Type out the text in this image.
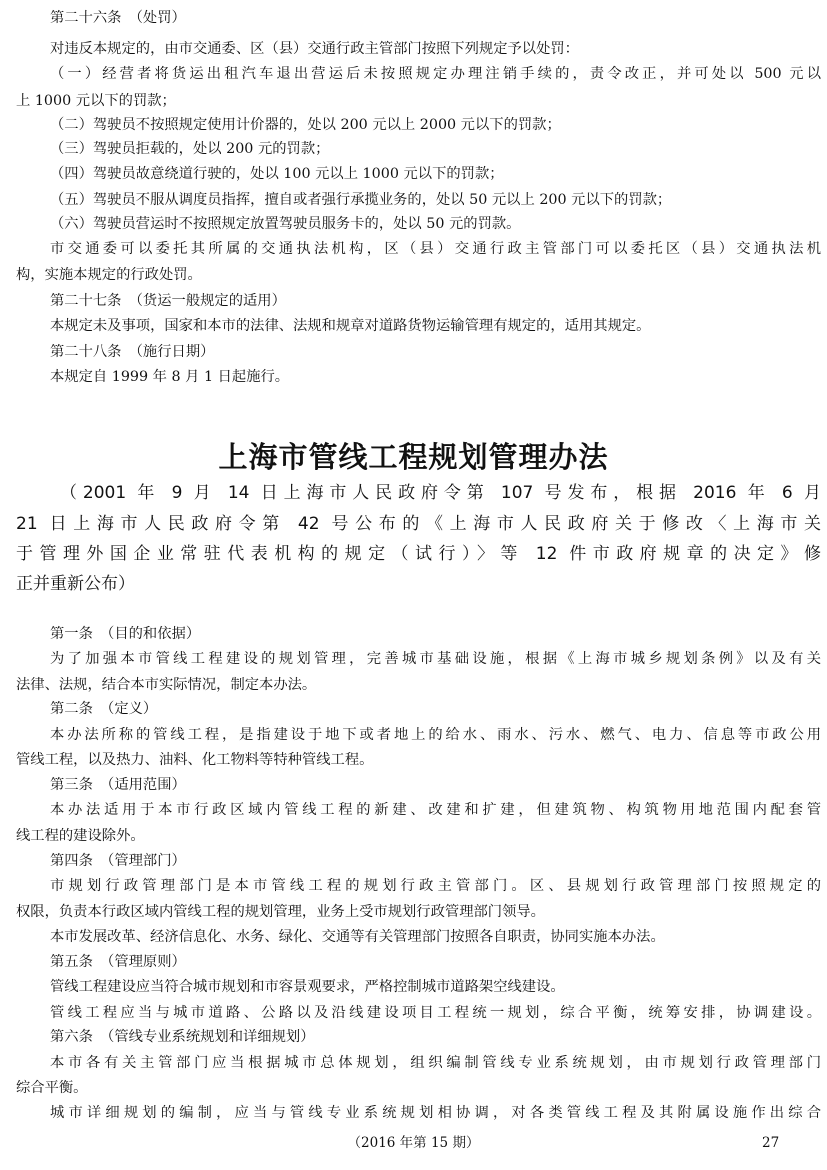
第二十六条　（处罚）
对违反本规定的，由市交通委、区（县）交通行政主管部门按照下列规定予以处罚：
（一）经营者将货运出租汽车退出营运后未按照规定办理注销手续的，责令改正，并可处以 500 元以
上 1000 元以下的罚款；
（二）驾驶员不按照规定使用计价器的，处以 200 元以上 2000 元以下的罚款；
（三）驾驶员拒载的，处以 200 元的罚款；
（四）驾驶员故意绕道行驶的，处以 100 元以上 1000 元以下的罚款；
（五）驾驶员不服从调度员指挥，擅自或者强行承揽业务的，处以 50 元以上 200 元以下的罚款；
（六）驾驶员营运时不按照规定放置驾驶员服务卡的，处以 50 元的罚款。
市交通委可以委托其所属的交通执法机构，区（县）交通行政主管部门可以委托区（县）交通执法机
构，实施本规定的行政处罚。
第二十七条　（货运一般规定的适用）
本规定未及事项，国家和本市的法律、法规和规章对道路货物运输管理有规定的，适用其规定。
第二十八条　（施行日期）
本规定自 1999 年 8 月 1 日起施行。
上海市管线工程规划管理办法
（2001 年 9 月 14 日上海市人民政府令第 107 号发布，根据 2016 年 6 月
21 日上海市人民政府令第 42 号公布的《上海市人民政府关于修改〈上海市关
于管理外国企业常驻代表机构的规定（试行）〉等 12 件市政府规章的决定》修
正并重新公布）
第一条　（目的和依据）
为了加强本市管线工程建设的规划管理，完善城市基础设施，根据《上海市城乡规划条例》以及有关
法律、法规，结合本市实际情况，制定本办法。
第二条　（定义）
本办法所称的管线工程，是指建设于地下或者地上的给水、雨水、污水、燃气、电力、信息等市政公用
管线工程，以及热力、油料、化工物料等特种管线工程。
第三条　（适用范围）
本办法适用于本市行政区域内管线工程的新建、改建和扩建，但建筑物、构筑物用地范围内配套管
线工程的建设除外。
第四条　（管理部门）
市规划行政管理部门是本市管线工程的规划行政主管部门。区、县规划行政管理部门按照规定的
权限，负责本行政区域内管线工程的规划管理，业务上受市规划行政管理部门领导。
本市发展改革、经济信息化、水务、绿化、交通等有关管理部门按照各自职责，协同实施本办法。
第五条　（管理原则）
管线工程建设应当符合城市规划和市容景观要求，严格控制城市道路架空线建设。
管线工程应当与城市道路、公路以及沿线建设项目工程统一规划，综合平衡，统筹安排，协调建设。
第六条　（管线专业系统规划和详细规划）
本市各有关主管部门应当根据城市总体规划，组织编制管线专业系统规划，由市规划行政管理部门
综合平衡。
城市详细规划的编制，应当与管线专业系统规划相协调，对各类管线工程及其附属设施作出综合
（2016 年第 15 期）	27
